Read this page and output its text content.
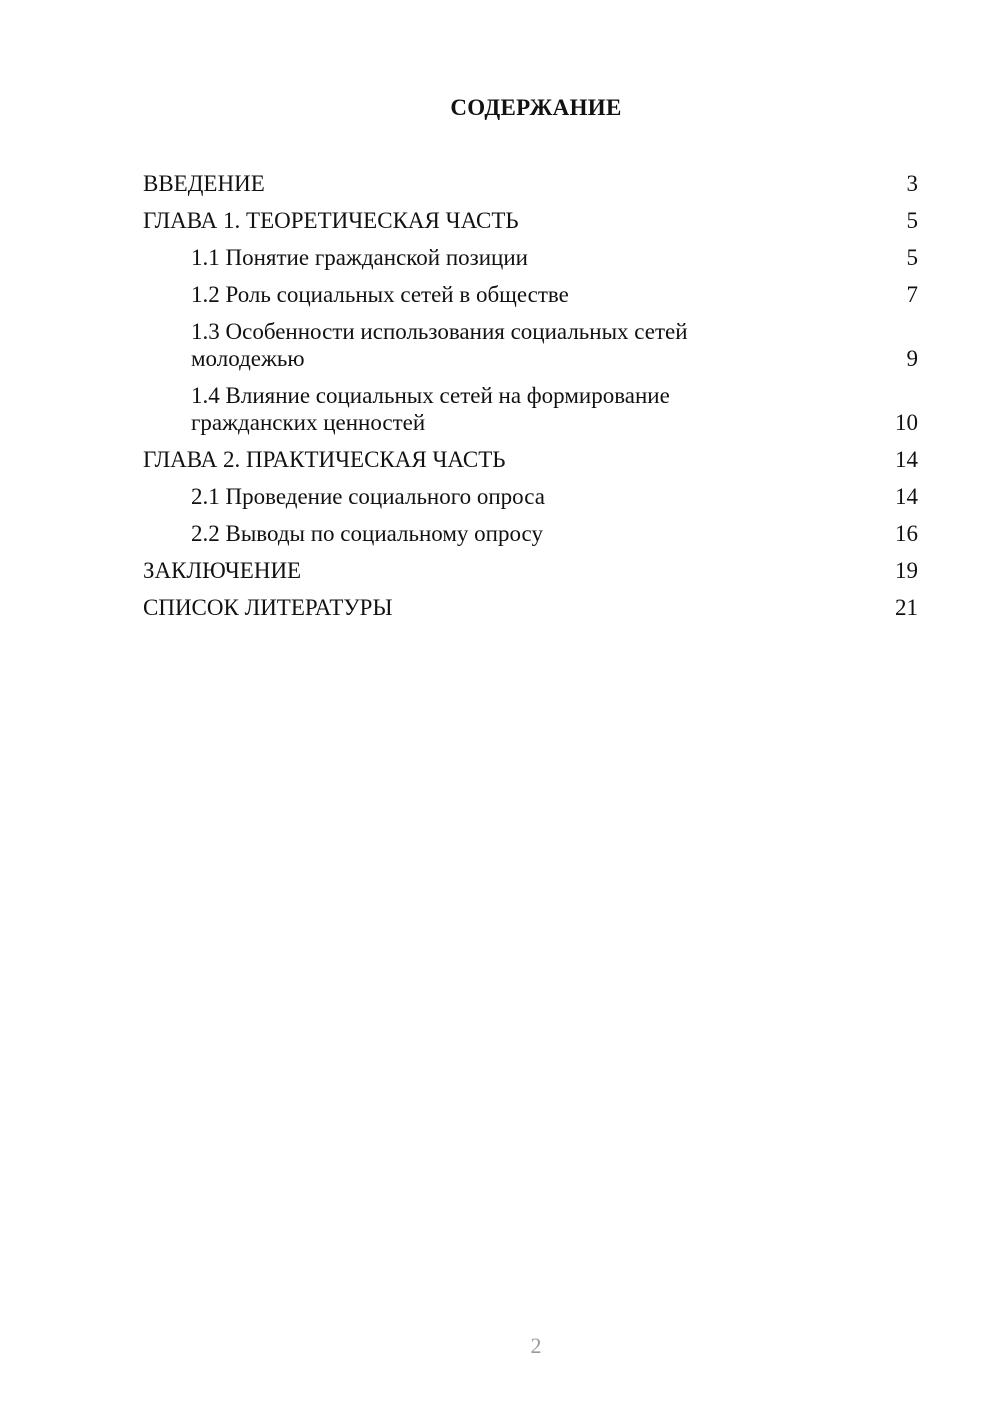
СОДЕРЖАНИЕ
ВВЕДЕНИЕ	3
ГЛАВА 1. ТЕОРЕТИЧЕСКАЯ ЧАСТЬ	5
1.1 Понятие гражданской позиции	5
1.2 Роль социальных сетей в обществе	7
1.3 Особенности использования социальных сетей молодежью	9
1.4 Влияние социальных сетей на формирование гражданских ценностей	10
ГЛАВА 2. ПРАКТИЧЕСКАЯ ЧАСТЬ	14
2.1 Проведение социального опроса	14
2.2 Выводы по социальному опросу	16
ЗАКЛЮЧЕНИЕ	19
СПИСОК ЛИТЕРАТУРЫ	21
2
